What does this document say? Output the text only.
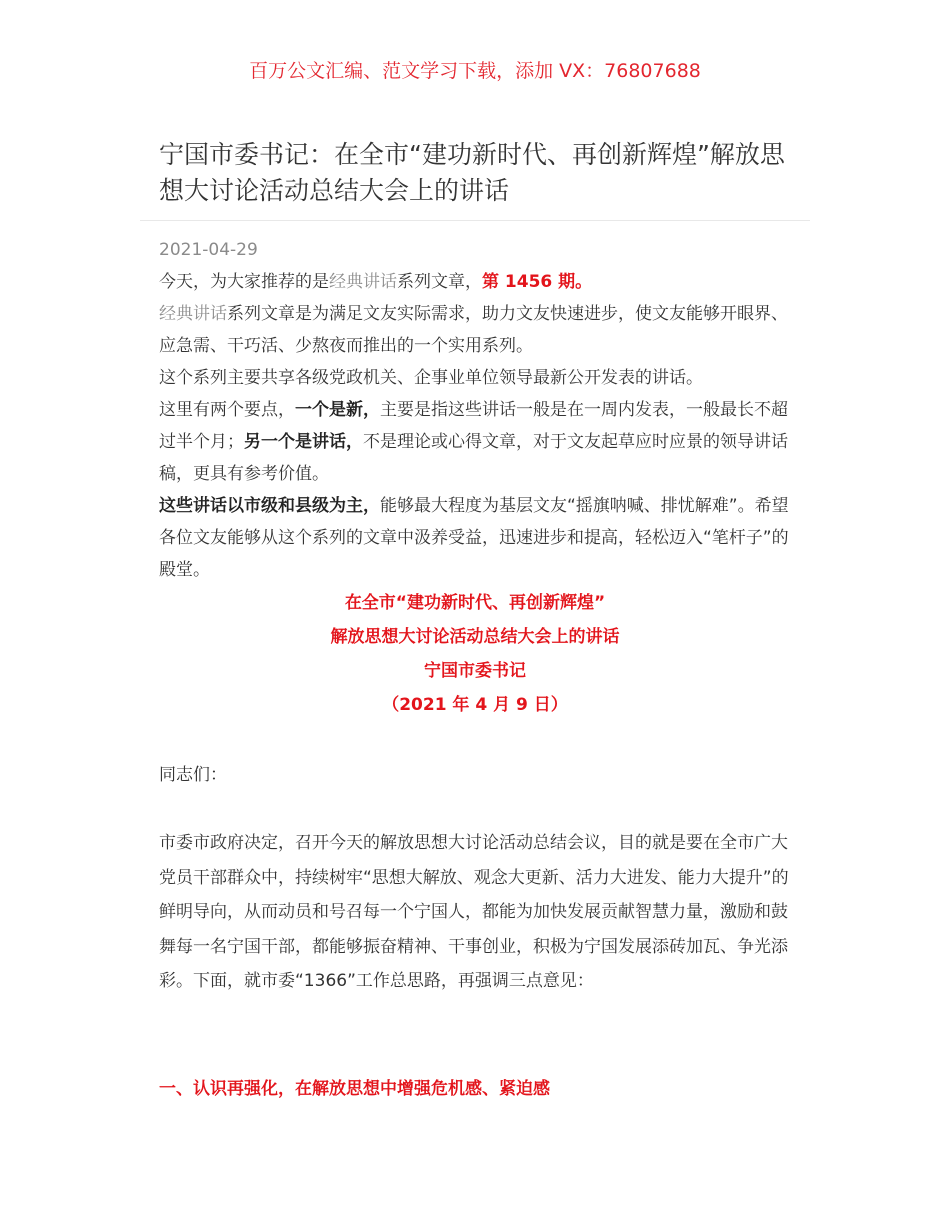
百万公文汇编、范文学习下载，添加 VX：76807688
宁国市委书记：在全市“建功新时代、再创新辉煌”解放思想大讨论活动总结大会上的讲话
2021-04-29

今天，为大家推荐的是经典讲话系列文章，第 1456 期。

经典讲话系列文章是为满足文友实际需求，助力文友快速进步，使文友能够开眼界、应急需、干巧活、少熬夜而推出的一个实用系列。

这个系列主要共享各级党政机关、企事业单位领导最新公开发表的讲话。

这里有两个要点，一个是新，主要是指这些讲话一般是在一周内发表，一般最长不超过半个月；另一个是讲话，不是理论或心得文章，对于文友起草应时应景的领导讲话稿，更具有参考价值。

这些讲话以市级和县级为主，能够最大程度为基层文友“摇旗呐喊、排忧解难”。希望各位文友能够从这个系列的文章中汲养受益，迅速进步和提高，轻松迈入“笔杆子”的殿堂。

在全市“建功新时代、再创新辉煌”
解放思想大讨论活动总结大会上的讲话
宁国市委书记
（2021 年 4 月 9 日）
同志们：

市委市政府决定，召开今天的解放思想大讨论活动总结会议，目的就是要在全市广大党员干部群众中，持续树牢“思想大解放、观念大更新、活力大进发、能力大提升”的鲜明导向，从而动员和号召每一个宁国人，都能为加快发展贡献智慧力量，激励和鼓舞每一名宁国干部，都能够振奋精神、干事创业，积极为宁国发展添砖加瓦、争光添彩。下面，就市委“1366”工作总思路，再强调三点意见：

一、认识再强化，在解放思想中增强危机感、紧迫感
